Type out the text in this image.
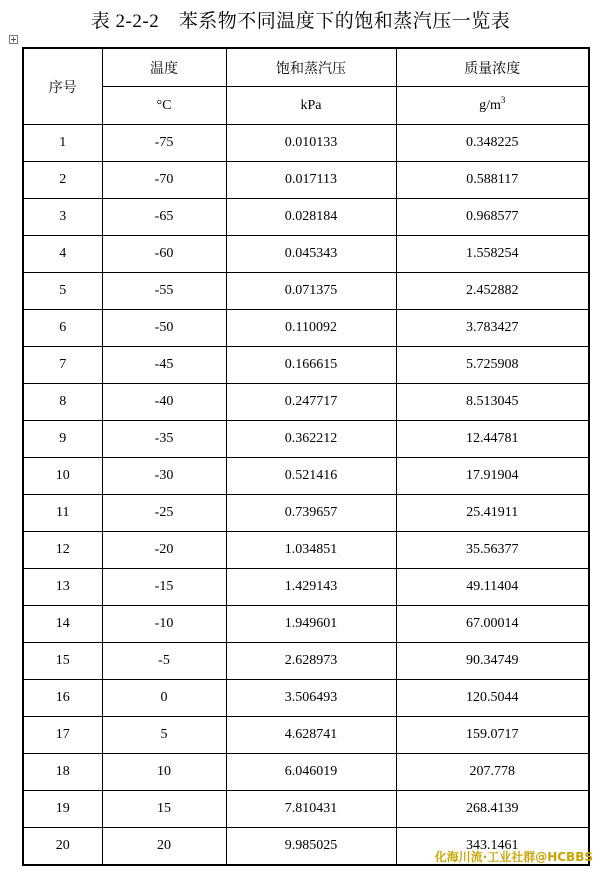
表 2-2-2　苯系物不同温度下的饱和蒸汽压一览表
序号	温度	饱和蒸汽压	质量浓度
	°C	kPa	$g/m^3$
1	-75	0.010133	0.348225
2	-70	0.017113	0.588117
3	-65	0.028184	0.968577
4	-60	0.045343	1.558254
5	-55	0.071375	2.452882
6	-50	0.110092	3.783427
7	-45	0.166615	5.725908
8	-40	0.247717	8.513045
9	-35	0.362212	12.44781
10	-30	0.521416	17.91904
11	-25	0.739657	25.41911
12	-20	1.034851	35.56377
13	-15	1.429143	49.11404
14	-10	1.949601	67.00014
15	-5	2.628973	90.34749
16	0	3.506493	120.5044
17	5	4.628741	159.0717
18	10	6.046019	207.778
19	15	7.810431	268.4139
20	20	9.985025	343.1461
化海川流·工业社群@HCBBS
